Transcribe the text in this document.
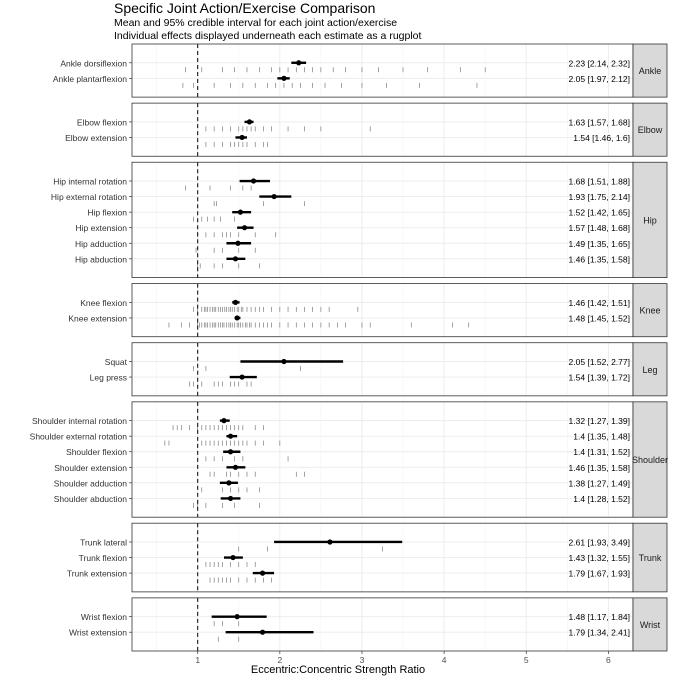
Specific Joint Action/Exercise Comparison
Mean and 95% credible interval for each joint action/exercise
Individual effects displayed underneath each estimate as a rugplot
Ankle dorsiflexion	2.23 [2.14, 2.32]
Ankle plantarflexion	2.05 [1.97, 2.12]
Ankle
Elbow flexion	1.63 [1.57, 1.68]
Elbow extension	1.54 [1.46, 1.6]
Elbow
Hip internal rotation	1.68 [1.51, 1.88]
Hip external rotation	1.93 [1.75, 2.14]
Hip flexion	1.52 [1.42, 1.65]
Hip extension	1.57 [1.48, 1.68]
Hip adduction	1.49 [1.35, 1.65]
Hip abduction	1.46 [1.35, 1.58]
Hip
Knee flexion	1.46 [1.42, 1.51]
Knee extension	1.48 [1.45, 1.52]
Knee
Squat	2.05 [1.52, 2.77]
Leg press	1.54 [1.39, 1.72]
Leg
Shoulder internal rotation	1.32 [1.27, 1.39]
Shoulder external rotation	1.4 [1.35, 1.48]
Shoulder flexion	1.4 [1.31, 1.52]
Shoulder extension	1.46 [1.35, 1.58]
Shoulder adduction	1.38 [1.27, 1.49]
Shoulder abduction	1.4 [1.28, 1.52]
Shoulder
Trunk lateral	2.61 [1.93, 3.49]
Trunk flexion	1.43 [1.32, 1.55]
Trunk extension	1.79 [1.67, 1.93]
Trunk
Wrist flexion	1.48 [1.17, 1.84]
Wrist extension	1.79 [1.34, 2.41]
Wrist
1	2	3	4	5	6
Eccentric:Concentric Strength Ratio
